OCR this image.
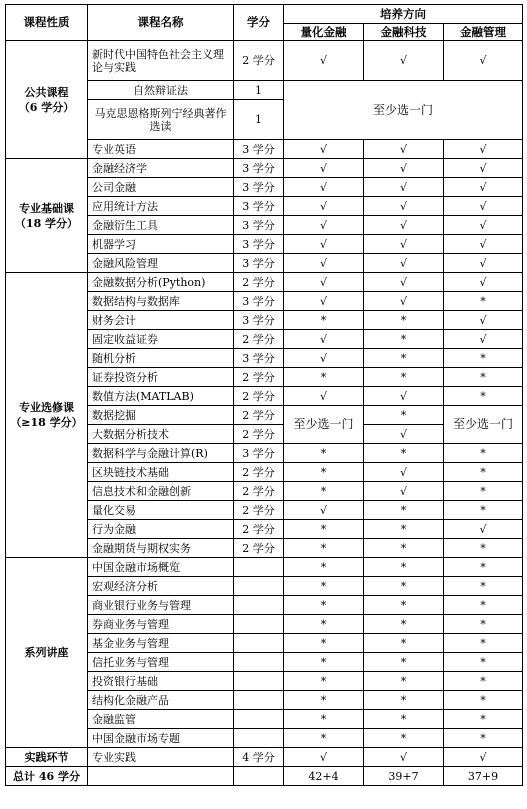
课程性质	课程名称	学分	培养方向		
			量化金融	金融科技	金融管理

公共课程
（6 学分）	新时代中国特色社会主义理论与实践	2 学分	√	√	√
	自然辩证法	1	至少选一门		
	马克思恩格斯列宁经典著作选读	1			
	专业英语	3 学分	√	√	√

专业基础课
（18 学分）	金融经济学	3 学分	√	√	√
	公司金融	3 学分	√	√	√
	应用统计方法	3 学分	√	√	√
	金融衍生工具	3 学分	√	√	√
	机器学习	3 学分	√	√	√
	金融风险管理	3 学分	√	√	√

专业选修课
（≥18 学分）	金融数据分析(Python)	2 学分	√	√	√
	数据结构与数据库	3 学分	√	√	*
	财务会计	3 学分	*	*	√
	固定收益证券	2 学分	√	*	√
	随机分析	3 学分	√	*	*
	证券投资分析	2 学分	*	*	*
	数值方法(MATLAB)	2 学分	√	√	*
	数据挖掘	2 学分	至少选一门	*	至少选一门
	大数据分析技术	2 学分		√	
	数据科学与金融计算(R)	3 学分	*	*	*
	区块链技术基础	2 学分	*	√	*
	信息技术和金融创新	2 学分	*	√	*
	量化交易	2 学分	√	*	*
	行为金融	2 学分	*	*	√
	金融期货与期权实务	2 学分	*	*	*

系列讲座	中国金融市场概览		*	*	*
	宏观经济分析		*	*	*
	商业银行业务与管理		*	*	*
	券商业务与管理		*	*	*
	基金业务与管理		*	*	*
	信托业务与管理		*	*	*
	投资银行基础		*	*	*
	结构化金融产品		*	*	*
	金融监管		*	*	*
	中国金融市场专题		*	*	*

实践环节	专业实践	4 学分	√	√	√
总计 46 学分			42+4	39+7	37+9
